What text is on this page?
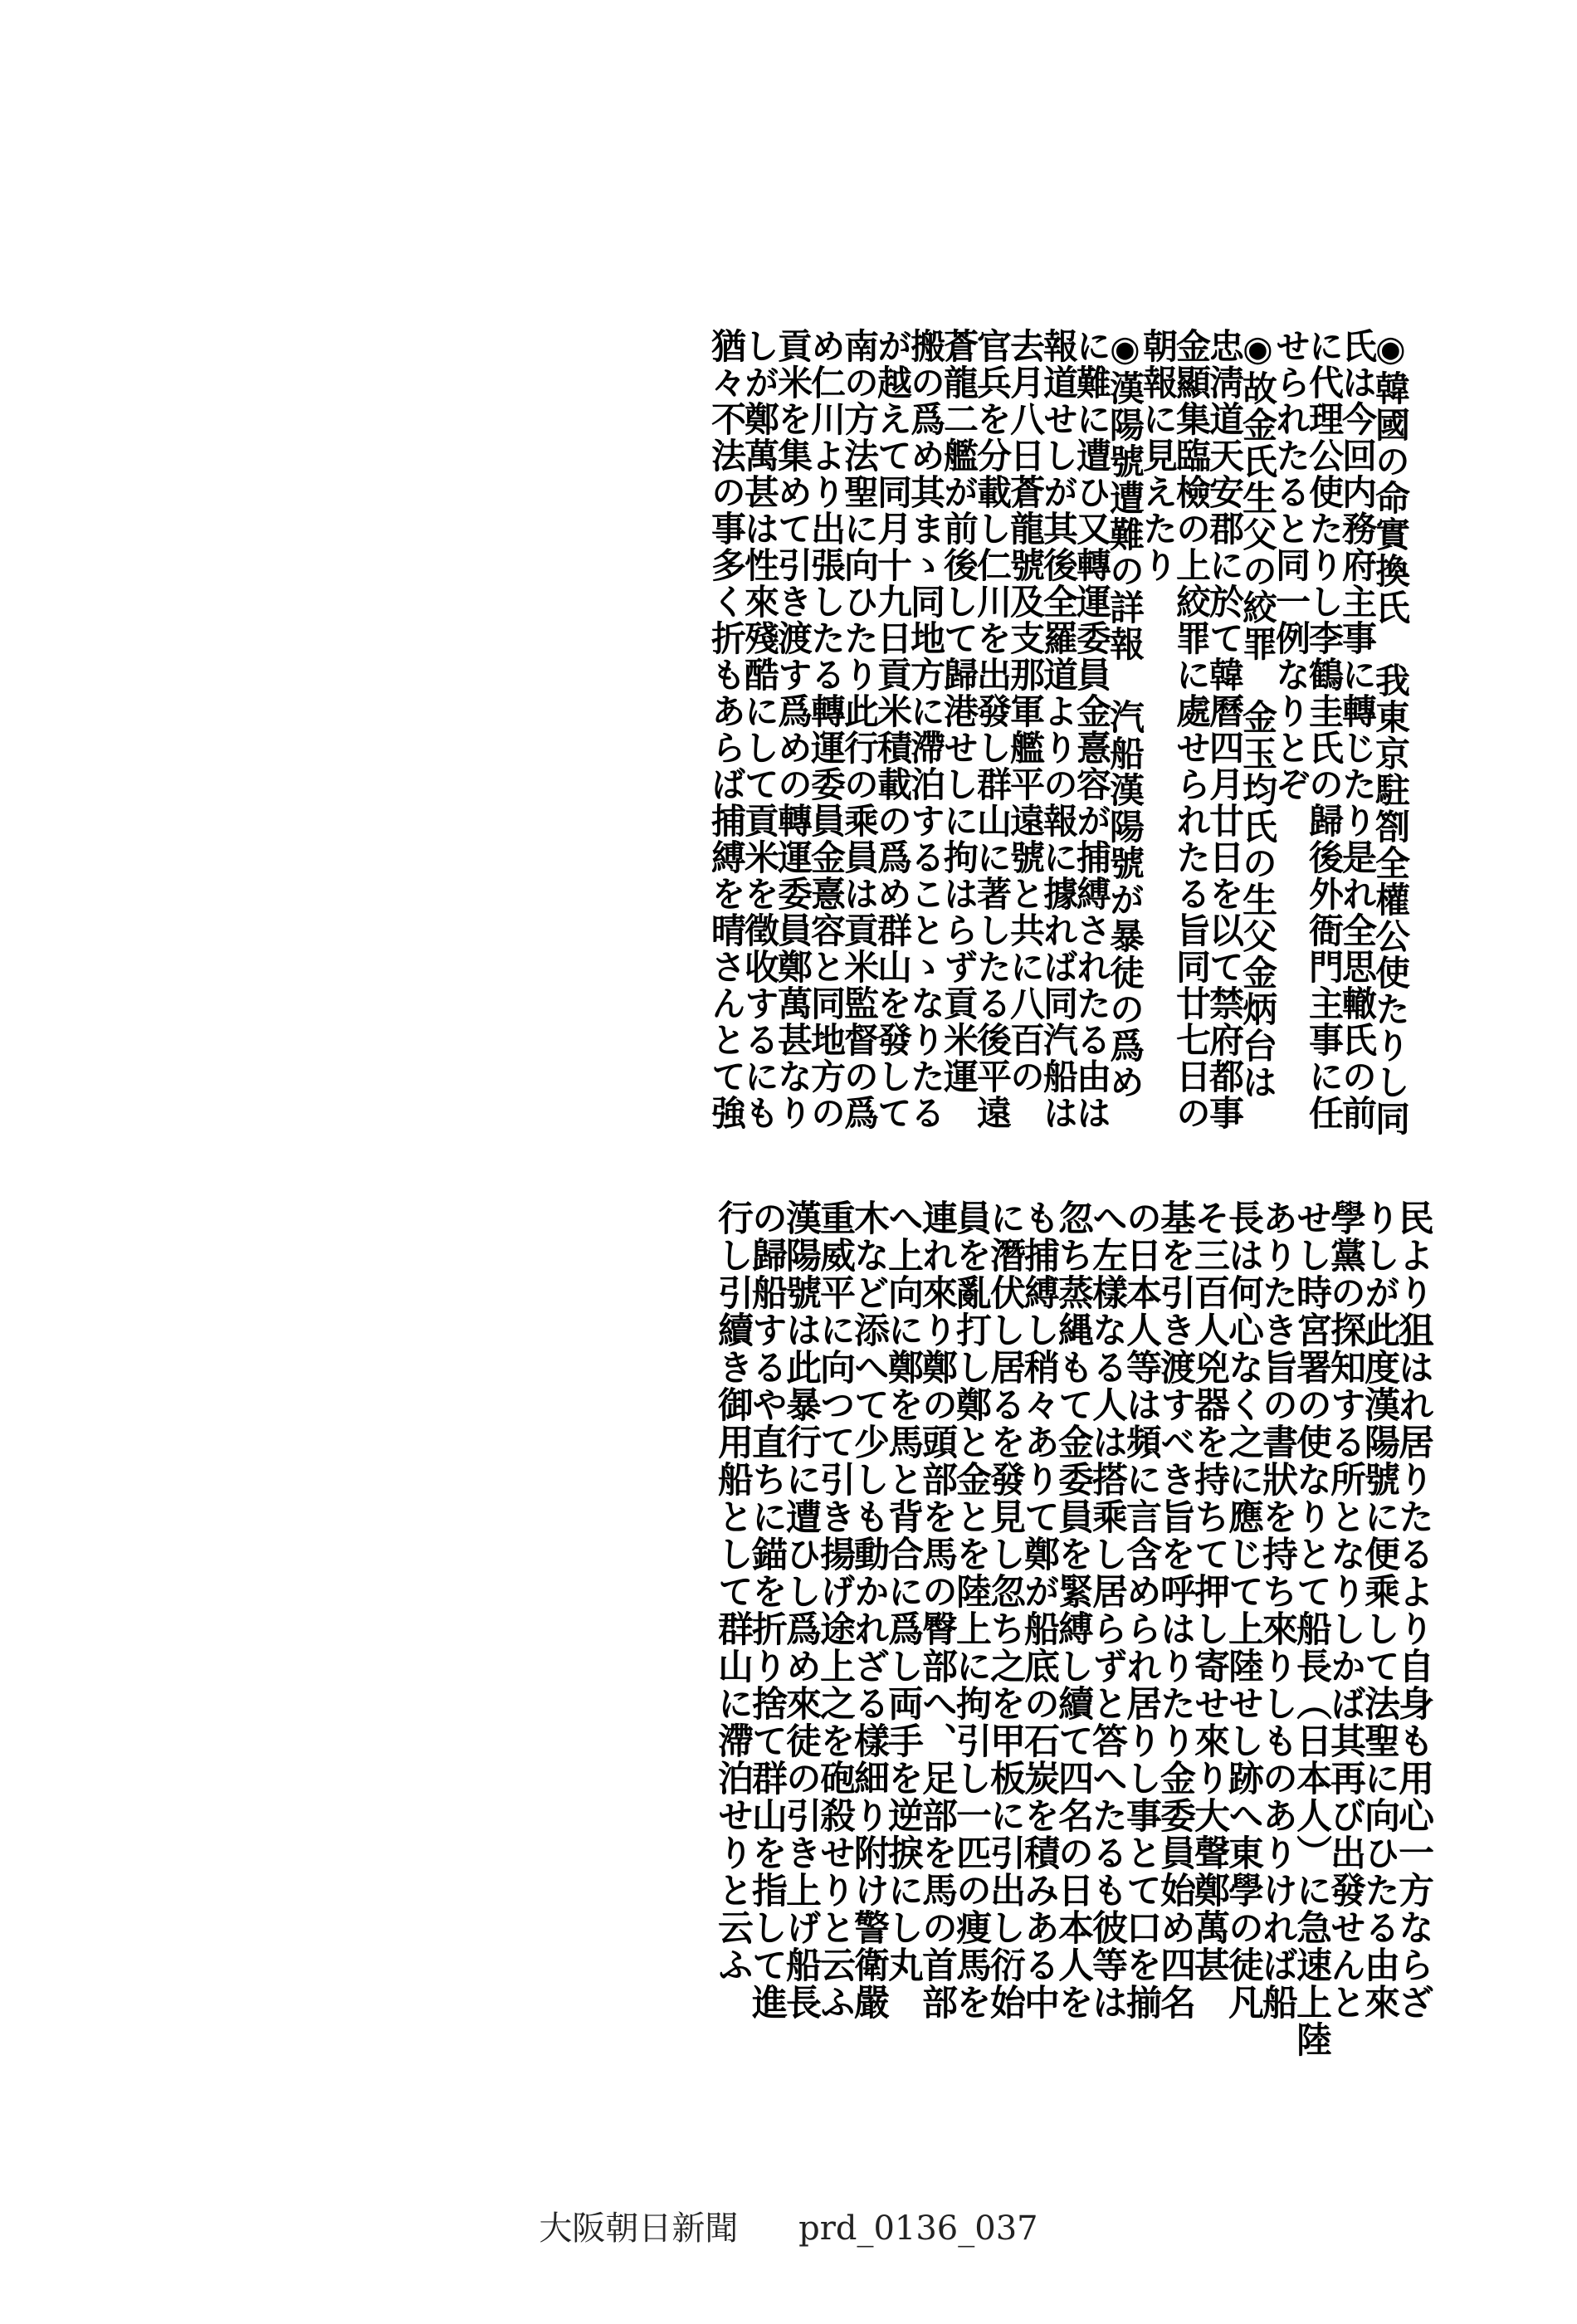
◉韓國の命實換氏　我東京駐劄全權公使たりし同
氏は今回内務府主事に轉じたり是れ全思轍氏の前
に代理公使たりし李鶴圭氏の歸後外衙門主事に任
せられたると同一例なりとぞ
◉故金氏生父の絞罪　金玉均氏の生父金炳台は
忠淸道天安郡に於て韓曆四月廿日を以て禁府都事
金顯集臨檢の上絞罪に處せられたる旨同廿七日の
朝報に見えたり
◉漢陽號遭難の詳報　汽船漢陽號が暴徒の爲め
に難に遭ひ又轉運委員金憙容が捕縛されたる由は
報道せしが其後全羅道よりの報に據れば同汽船は
去月八日蒼龍號及支那軍艦平遠號と共に八百の
官兵を分載し仁川を出發し群山に著したる後平遠
蒼龍二艦が前後して歸港せしに拘はらず貢米運
搬の爲め其まゝ同地方に滯泊することゝなりたる
が越えて同月十九日貢米積載の爲め群山を發して
南の方法聖に向ひたり此行の乘員は貢米監督の爲
め仁川より出張したる轉運委員金憙容と同地方の
貢米を集めて引き渡す爲めの轉運委員鄭萬甚なり
しが鄭萬甚は性來殘酷にして貢米を徵收するにも
猶々不法の事多く折もあらば捕縛を晴さんとて強
民より狙はれ居りたるより自身も用心一方ならざ
りしが此度漢陽號に便乘して法聖に向ひたる由來
學黨の探知する所となりしかば其再び出發せんと
せし時宮署の使なりとて船長（日本人）に急速上陸
ありたき旨の書狀を持ち來りしものありければ船
長は何心なく之に應じて上陸せし跡へ東學の徒凡
そ三百人兇器を持ちて押し寄せ來り大聲鄭萬甚
基を引き渡すべき旨を呼はりたり金委員始め四名
の日本人等は頻に言含められ居りし事とて口を揃
へ左樣なる人は搭乘し居らずと答へたるも彼等は
忽ち蒸縄もて金委員を緊縛し續て四名の日本人を
も捕縛し稍々ありて鄭が船底の石炭を積みある中
に潛伏し居るを發見し忽ち之を甲板に引出し衍始
員を亂打し鄭と金とを陸上に拘引し一匹の痩馬を
連れ來り鄭の頭部を馬の臀部へ、足部を馬の首部
へ上向に鄭を馬と背合に爲し両手を逆捩にし丸
木など添へて少しも動かれざる樣細り附け警衛嚴
重威平に向つて引き揚げ途上之を砲殺せりと云ふ
漢陽號は此暴行に遭ひし爲め來徒の引き上げ船長
の歸船するや直ちに錨を折り捨て群山を指して進
行し引續き御用船として群山に滯泊せりと云ふ
大阪朝日新聞 prd_0136_037
